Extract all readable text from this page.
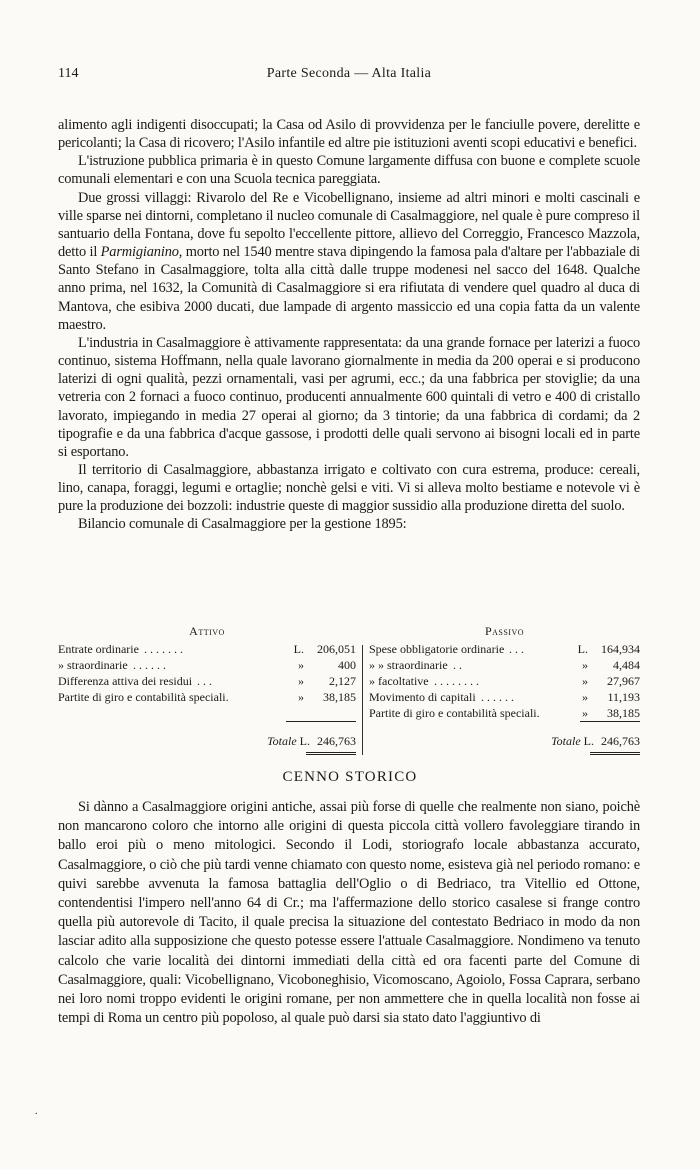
114	Parte Seconda — Alta Italia

alimento agli indigenti disoccupati; la Casa od Asilo di provvidenza per le fanciulle povere, derelitte e pericolanti; la Casa di ricovero; l'Asilo infantile ed altre pie istituzioni aventi scopi educativi e benefici.

L'istruzione pubblica primaria è in questo Comune largamente diffusa con buone e complete scuole comunali elementari e con una Scuola tecnica pareggiata.

Due grossi villaggi: Rivarolo del Re e Vicobellignano, insieme ad altri minori e molti cascinali e ville sparse nei dintorni, completano il nucleo comunale di Casalmaggiore, nel quale è pure compreso il santuario della Fontana, dove fu sepolto l'eccellente pittore, allievo del Correggio, Francesco Mazzola, detto il Parmigianino, morto nel 1540 mentre stava dipingendo la famosa pala d'altare per l'abbaziale di Santo Stefano in Casalmaggiore, tolta alla città dalle truppe modenesi nel sacco del 1648. Qualche anno prima, nel 1632, la Comunità di Casalmaggiore si era rifiutata di vendere quel quadro al duca di Mantova, che esibiva 2000 ducati, due lampade di argento massiccio ed una copia fatta da un valente maestro.

L'industria in Casalmaggiore è attivamente rappresentata: da una grande fornace per laterizi a fuoco continuo, sistema Hoffmann, nella quale lavorano giornalmente in media da 200 operai e si producono laterizi di ogni qualità, pezzi ornamentali, vasi per agrumi, ecc.; da una fabbrica per stoviglie; da una vetreria con 2 fornaci a fuoco continuo, producenti annualmente 600 quintali di vetro e 400 di cristallo lavorato, impiegando in media 27 operai al giorno; da 3 tintorie; da una fabbrica di cordami; da 2 tipografie e da una fabbrica d'acque gassose, i prodotti delle quali servono ai bisogni locali ed in parte si esportano.

Il territorio di Casalmaggiore, abbastanza irrigato e coltivato con cura estrema, produce: cereali, lino, canapa, foraggi, legumi e ortaglie; nonchè gelsi e viti. Vi si alleva molto bestiame e notevole vi è pure la produzione dei bozzoli: industrie queste di maggior sussidio alla produzione diretta del suolo.

Bilancio comunale di Casalmaggiore per la gestione 1895:

Attivo
Entrate ordinarie . . . . . . .	L. 206,051
» straordinarie . . . . . .	»	400
Differenza attiva dei residui . . .	» 2,127
Partite di giro e contabilità speciali.	» 38,185
Passivo
Spese obbligatorie ordinarie . . .	L. 164,934
» » straordinarie . .	» 4,484
» facoltative . . . . . . . .	» 27,967
Movimento di capitali . . . . . .	» 11,193
Partite di giro e contabilità speciali.	» 38,185
Totale L. 246,763	Totale L. 246,763
CENNO STORICO

Si dànno a Casalmaggiore origini antiche, assai più forse di quelle che realmente non siano, poichè non mancarono coloro che intorno alle origini di questa piccola città vollero favoleggiare tirando in ballo eroi più o meno mitologici. Secondo il Lodi, storiografo locale abbastanza accurato, Casalmaggiore, o ciò che più tardi venne chiamato con questo nome, esisteva già nel periodo romano: e quivi sarebbe avvenuta la famosa battaglia dell'Oglio o di Bedriaco, tra Vitellio ed Ottone, contendentisi l'impero nell'anno 64 di Cr.; ma l'affermazione dello storico casalese si frange contro quella più autorevole di Tacito, il quale precisa la situazione del contestato Bedriaco in modo da non lasciar adito alla supposizione che questo potesse essere l'attuale Casalmaggiore. Nondimeno va tenuto calcolo che varie località dei dintorni immediati della città ed ora facenti parte del Comune di Casalmaggiore, quali: Vicobellignano, Vicoboneghisio, Vicomoscano, Agoiolo, Fossa Caprara, serbano nei loro nomi troppo evidenti le origini romane, per non ammettere che in quella località non fosse ai tempi di Roma un centro più popoloso, al quale può darsi sia stato dato l'aggiuntivo di

.
